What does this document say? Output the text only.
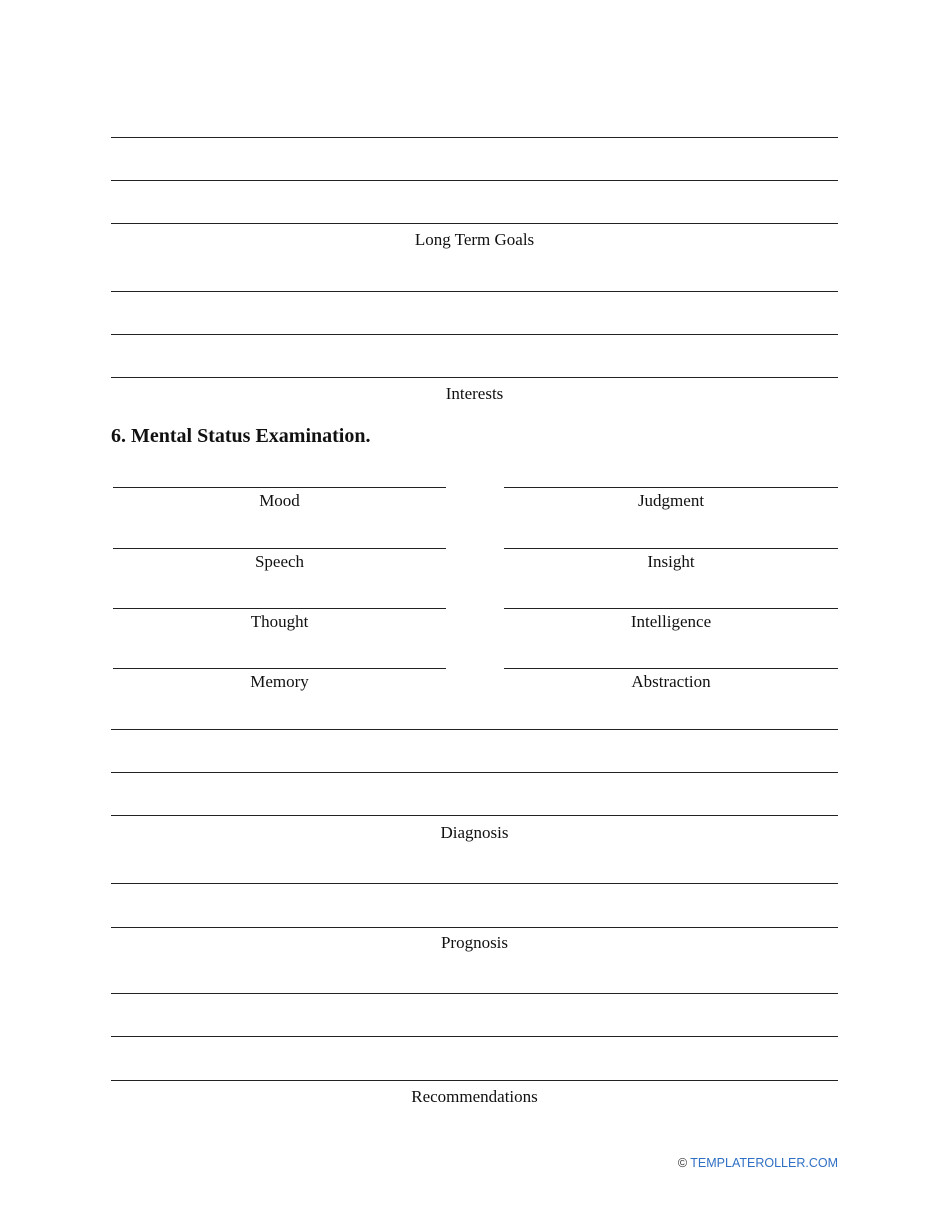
Long Term Goals
Interests
6. Mental Status Examination.
Mood	Judgment
Speech	Insight
Thought	Intelligence
Memory	Abstraction
Diagnosis
Prognosis
Recommendations
© TEMPLATEROLLER.COM
